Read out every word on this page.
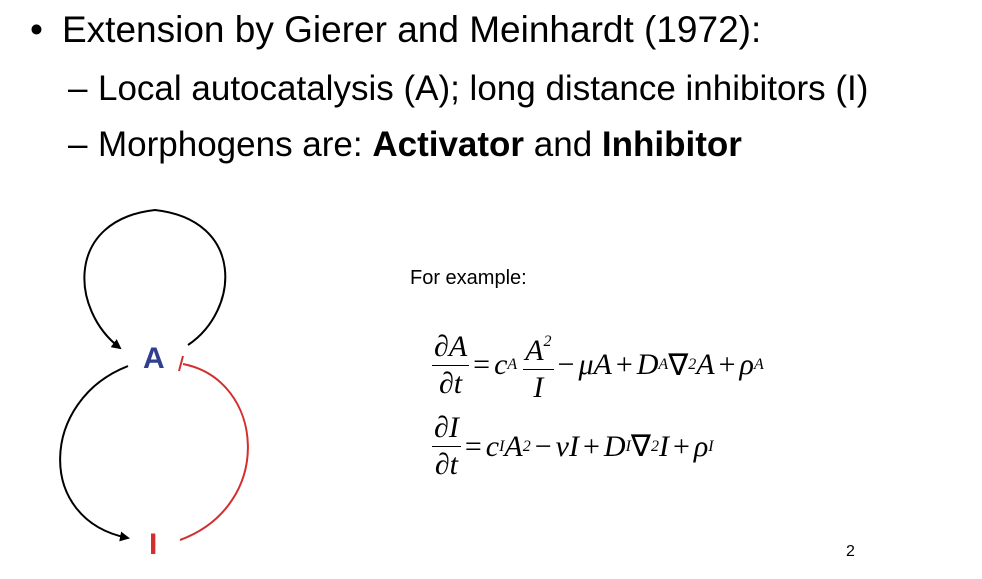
• Extension by Gierer and Meinhardt (1972):
– Local autocatalysis (A); long distance inhibitors (I)
– Morphogens are: Activator and Inhibitor
A
I
For example:
$\frac{\partial A}{\partial t} = c$ A $\frac{A^2}{I} - \mu A + D$ A ∇ 2 A + ρ A
$\frac{\partial I}{\partial t} = c$ I A 2 − νI + D I ∇ 2 I + ρ I
2
